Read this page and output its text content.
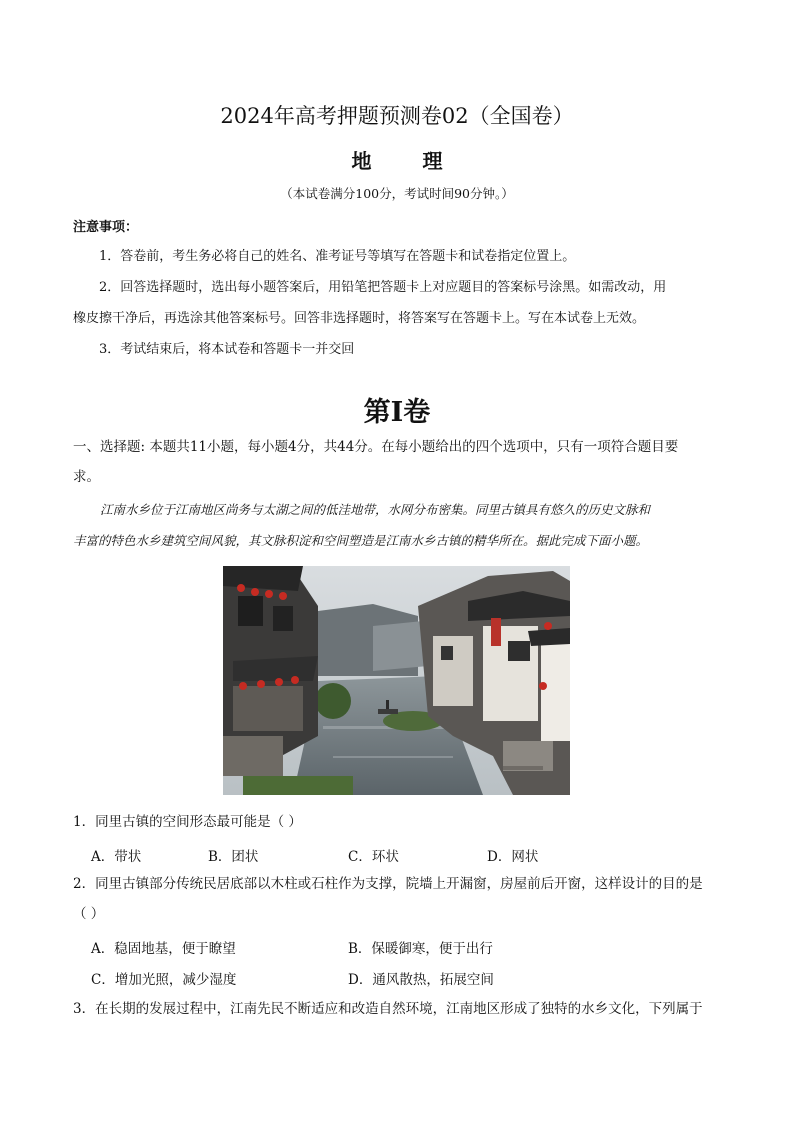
2024年高考押题预测卷02（全国卷）
地 理
（本试卷满分100分，考试时间90分钟。）
注意事项：
1．答卷前，考生务必将自己的姓名、准考证号等填写在答题卡和试卷指定位置上。
2．回答选择题时，选出每小题答案后，用铅笔把答题卡上对应题目的答案标号涂黑。如需改动，用
橡皮擦干净后，再选涂其他答案标号。回答非选择题时，将答案写在答题卡上。写在本试卷上无效。
3．考试结束后，将本试卷和答题卡一并交回
第Ⅰ卷
一、选择题: 本题共11小题，每小题4分，共44分。在每小题给出的四个选项中，只有一项符合题目要
求。
江南水乡位于江南地区尚务与太湖之间的低洼地带，水网分布密集。同里古镇具有悠久的历史文脉和
丰富的特色水乡建筑空间风貌，其文脉积淀和空间塑造是江南水乡古镇的精华所在。据此完成下面小题。
1．同里古镇的空间形态最可能是（ ）
A．带状	B．团状	C．环状	D．网状
2．同里古镇部分传统民居底部以木柱或石柱作为支撑，院墙上开漏窗，房屋前后开窗，这样设计的目的是
（ ）
A．稳固地基，便于瞭望	B．保暖御寒，便于出行
C．增加光照，减少湿度	D．通风散热，拓展空间
3．在长期的发展过程中，江南先民不断适应和改造自然环境，江南地区形成了独特的水乡文化，下列属于
